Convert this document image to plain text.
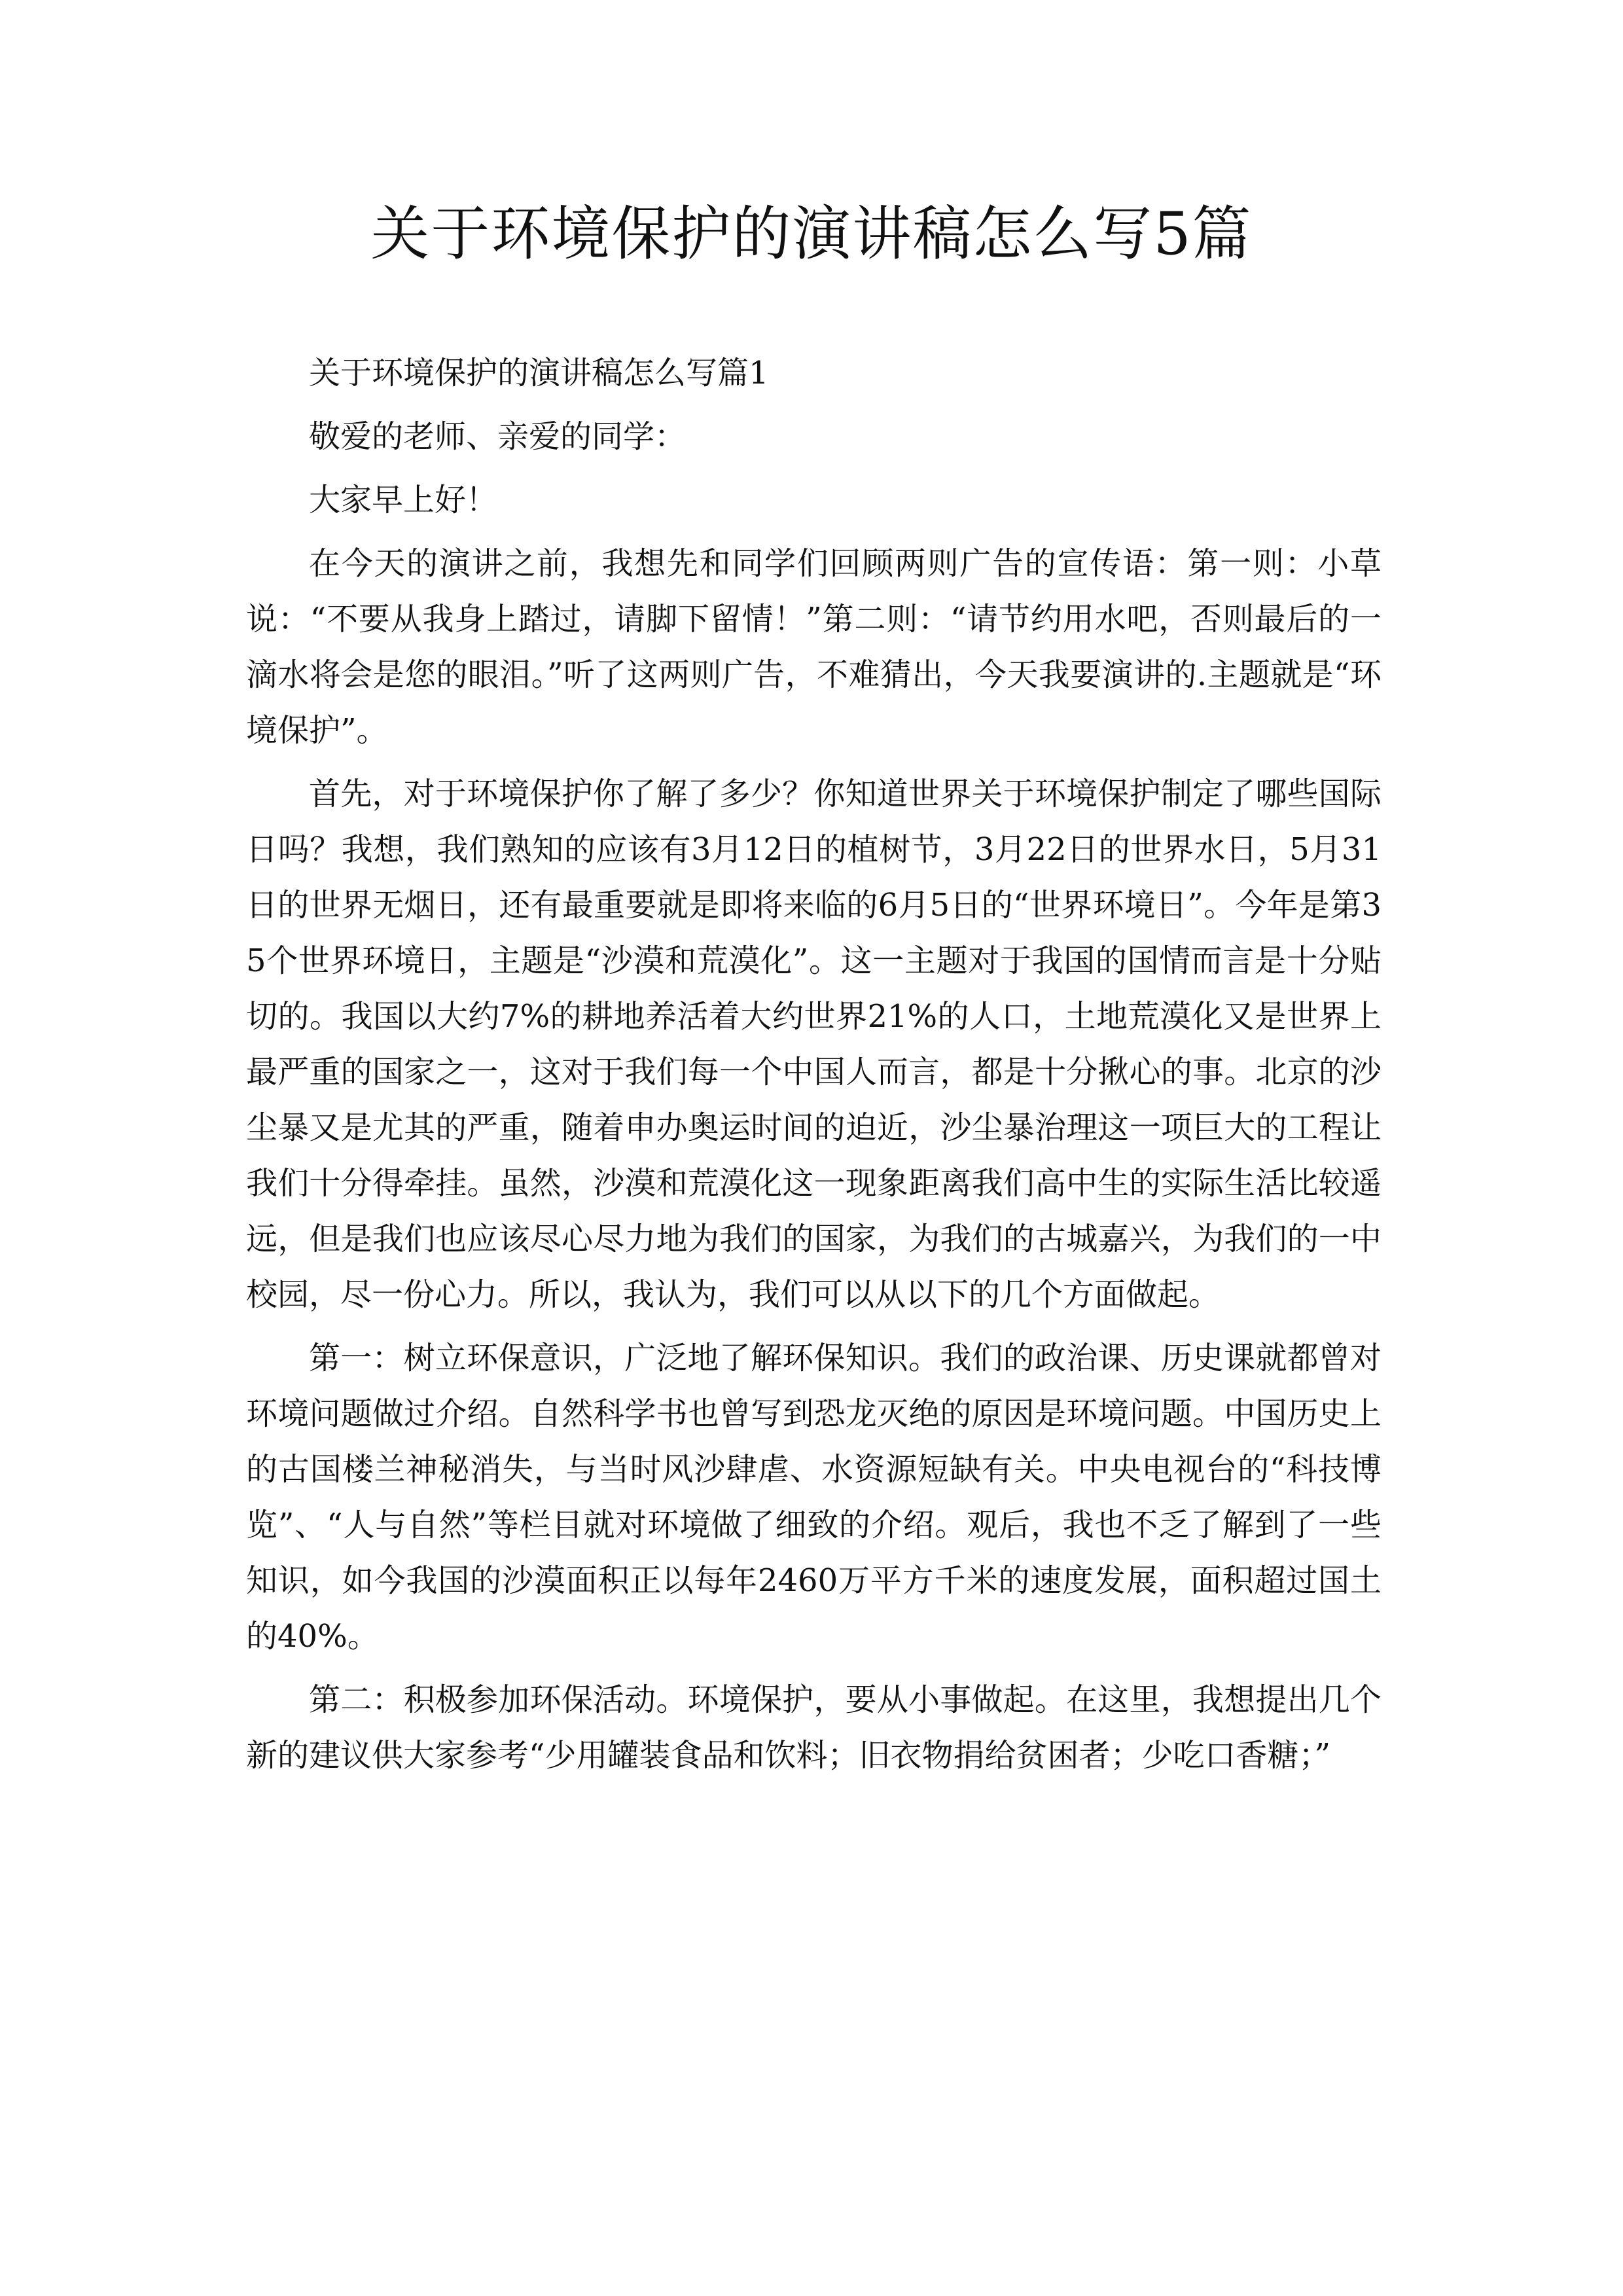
关于环境保护的演讲稿怎么写5篇

关于环境保护的演讲稿怎么写篇1

敬爱的老师、亲爱的同学：

大家早上好！

在今天的演讲之前，我想先和同学们回顾两则广告的宣传语：第一则：小草说：“不要从我身上踏过，请脚下留情！”第二则：“请节约用水吧，否则最后的一滴水将会是您的眼泪。”听了这两则广告，不难猜出，今天我要演讲的.主题就是“环境保护”。

首先，对于环境保护你了解了多少？你知道世界关于环境保护制定了哪些国际日吗？我想，我们熟知的应该有3月12日的植树节，3月22日的世界水日，5月31日的世界无烟日，还有最重要就是即将来临的6月5日的“世界环境日”。今年是第35个世界环境日，主题是“沙漠和荒漠化”。这一主题对于我国的国情而言是十分贴切的。我国以大约7%的耕地养活着大约世界21%的人口，土地荒漠化又是世界上最严重的国家之一，这对于我们每一个中国人而言，都是十分揪心的事。北京的沙尘暴又是尤其的严重，随着申办奥运时间的迫近，沙尘暴治理这一项巨大的工程让我们十分得牵挂。虽然，沙漠和荒漠化这一现象距离我们高中生的实际生活比较遥远，但是我们也应该尽心尽力地为我们的国家，为我们的古城嘉兴，为我们的一中校园，尽一份心力。所以，我认为，我们可以从以下的几个方面做起。

第一：树立环保意识，广泛地了解环保知识。我们的政治课、历史课就都曾对环境问题做过介绍。自然科学书也曾写到恐龙灭绝的原因是环境问题。中国历史上的古国楼兰神秘消失，与当时风沙肆虐、水资源短缺有关。中央电视台的“科技博览”、“人与自然”等栏目就对环境做了细致的介绍。观后，我也不乏了解到了一些知识，如今我国的沙漠面积正以每年2460万平方千米的速度发展，面积超过国土的40%。

第二：积极参加环保活动。环境保护，要从小事做起。在这里，我想提出几个新的建议供大家参考“少用罐装食品和饮料；旧衣物捐给贫困者；少吃口香糖；”
